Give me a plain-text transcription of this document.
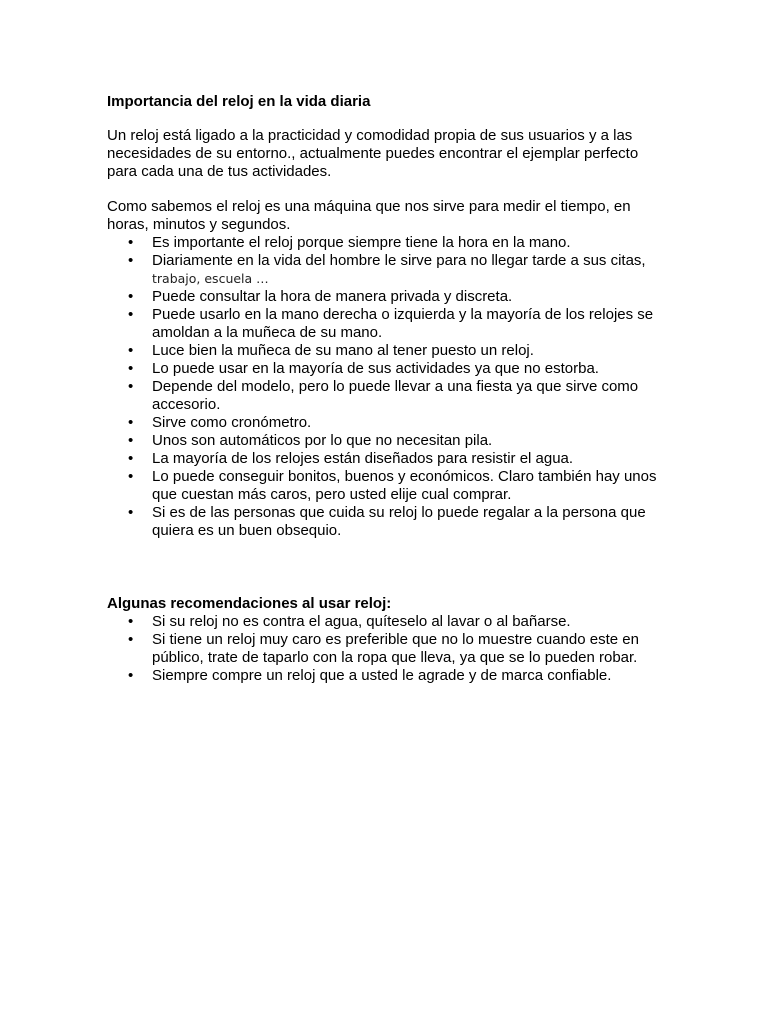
Importancia del reloj en la vida diaria

Un reloj está ligado a la practicidad y comodidad propia de sus usuarios y a las necesidades de su entorno., actualmente puedes encontrar el ejemplar perfecto para cada una de tus actividades.

Como sabemos el reloj es una máquina que nos sirve para medir el tiempo, en horas, minutos y segundos.

• Es importante el reloj porque siempre tiene la hora en la mano.
• Diariamente en la vida del hombre le sirve para no llegar tarde a sus citas,
trabajo, escuela …
• Puede consultar la hora de manera privada y discreta.
• Puede usarlo en la mano derecha o izquierda y la mayoría de los relojes se amoldan a la muñeca de su mano.
• Luce bien la muñeca de su mano al tener puesto un reloj.
• Lo puede usar en la mayoría de sus actividades ya que no estorba.
• Depende del modelo, pero lo puede llevar a una fiesta ya que sirve como accesorio.
• Sirve como cronómetro.
• Unos son automáticos por lo que no necesitan pila.
• La mayoría de los relojes están diseñados para resistir el agua.
• Lo puede conseguir bonitos, buenos y económicos. Claro también hay unos que cuestan más caros, pero usted elije cual comprar.
• Si es de las personas que cuida su reloj lo puede regalar a la persona que quiera es un buen obsequio.

Algunas recomendaciones al usar reloj:

• Si su reloj no es contra el agua, quíteselo al lavar o al bañarse.
• Si tiene un reloj muy caro es preferible que no lo muestre cuando este en público, trate de taparlo con la ropa que lleva, ya que se lo pueden robar.
• Siempre compre un reloj que a usted le agrade y de marca confiable.
